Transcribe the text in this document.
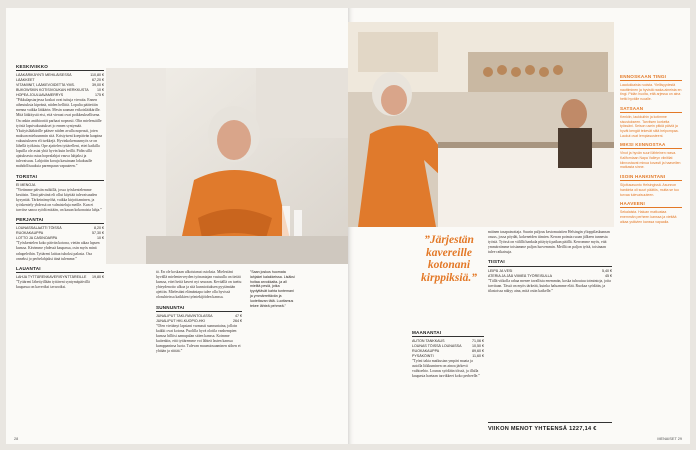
KESKIVIIKKO
LÄÄKÄRIKÄYNTI MEHILÄISESSÄ	110,80 €
LÄÄKKEET	67,20 €
VITAMIINIT, LÄÄKEVOIDETTA YMS.	39,00 €
BUKOWSKIN KOTISIVOUKAN HERKKUSTA 10 €
HOPEA JOULUAVAMERRYS	175 €

”Pikkulapsiarjessa koskat ovat tuttuja vieraita. Ennen aiheutuksia kipeänä, niiden hellittä. Lopulta päätettiin menna vaikka lääkärin. Mesin saaman erikoislääkärille. Mitä lääkitystä etsi, että vieraat ovat poikkeuksellisena. On onkin antibioottit parhaat nopeasti. Olin mielensäille työstä lapsivakuutukset jo ennen syntymää. Yksityislääkärille pääsee niiden avulla nopeasti, joten maksan mieluummin sitä. Kristyiseni koepäivän kaapina vakuutukseen eli tsekkejä. Hyvinkokemusmyös se on lähellä työkinta. Ope ajattelen tyttärelleni, ettei kaikilla lapsilla ole asiat yhtä hyvin kuin heillä. Pidin sillä ajatuksesta ostaa hopealahjat vauva lahjaksi ja tulevaisuus. Lahjoitin koruja kassinaan lokakuulle mahdollisuuksia parempaan vapauteen.”

TORSTAI
EI MENOJA

”Vietimme päivän mökillä, jossa työskentelemme kesäisin. Tänä päivänä eli ollut käyttää tulevaisuuden kysyntää. Tärkeinämyöhä, vaikka kirjoittaminen, ja työskentely yhdessä on valmisteluja meille. Kun ei tarvitse sanoa syödä mitään, on kauan kokonaista lahja.”

PERJANTAI
LOUNASSALAATTI TÖISSÄ	8,20 €
RUOKAKAUPPA	57,30 €
LOTTO JA CASINOARPA	10 €

”Työskentelen koko päivän kotona, vietän aikaa lapsen kanssa. Kävimme yhdessä kaupassa, osin myös minä rahapeleihin. Tyttäreni laittaa tuhoksi palasia. Osa onneksi jo perhelahjaksi tänä tulemme.”

LAUANTAI
LAHJA TYTTÄRENKAVERISYNTTÄREILLE 19,80 €

”Tyttäreni lähettyillään tyttäreni syntymäpäivillä kaupassa on kaveriksi tavaroiksi.

”Saan joskus huomata lahjakei kalakkeissa. Lisäksi hoitaa arvokkaita- ja all mielitä pesiä, jotka tyydyttävät kahta tuntemani ja ymmärrettävän ja luotettavan tätä. Luottamus tekee lähteä pehmeä.”

tä. En ole koskaan ulkoistanut ostoksia. Mielestäni hyvällä mielenterveyden työnantajan vastuulla on tietää kanssa, ettei heitä kaveri nyt seuraan. Keväällä on tuettu yhteydenotto ulkoa ja sitä kunnioituksen pyytämään ajettiin. Mielestäni elämäntapa tulee olla hyvissä olosuhteissa kaikkien työntekijöiden kanssa.

SUNNUNTAI
JUNALIPUT TAKI-RAVINTOLASSA	47 €
JUNALIPUT HKI-KUOPIO-HKI	264 €

”Olen viettänyt lapsiani varmasti sunnuntaina, jolloin kaikki ovat kotona. Puolilla hyvä olotila vanhempien kanssa hillitsi aamupalan sitten kanssa. Koimme kuitenkin, että tyttäremme voi lähteä lasten kanssa kumppaninsa luota. Tulevan muumiosaaminen siihen ei yhtään ja riittää.”

28
”Järjestän kavereille kotonani kirppiksiä.”

mäinen tasapainottaja. Suurin paljous kestomuistien Helsingin ylioppilaskunnan osuus, jossa pöydät, kokeneiden tiimien. Kerran poimia ruoan jälkeen tunnesta työstä. Työssä on välillä hankala pitäytyä paikan päällä. Kerromme myös, että ymmärrämme toisiamme paljon luovemmin. Meillä on paljon työtä, toisinaan tulee ratkaisuja.

TIISTAI
LEIPÄ JA VESI	5,40 €
ATERIA JA JÄÄ VIIMEÄ TYÖREISULLA	45 €

”Tällä viikolla rahaa menee tavallista enemmän, koska tuhoutuu toimintoja, joita tarvitaan. Tässä on myös tärkeää, kuinka haluamme elää. Ruokaa syödään, ja tilastoissa näkyy aina, mitä ostin kaikelle.”

MAANANTAI
AUTON TANKKAUS	71,06 €
LOUNAS TÖISSÄ LOUNASSA	10,50 €
RUOKAKAUPPA	89,60 €
PYSÄKÖINTI	11,60 €

”Työni takia matkustan ympäri maata ja autolla liikkuminen on ainoa järkevä vaihtoehto. Lounas syödään töissä, ja illalla kaupasta haetaan tarvikkeet koko perheelle.”

VIIKON MENOT YHTEENSÄ 1227,14 €
ENNOSKAAN TINGI

Laadukkaista ruoista. Ylellisyydestä nauttiminen ja hyvistä raaka-aineista en tingi. Pidän huolta, että arjessa on aina hetki hyvälle ruoalle.

SATSAAN

Kenkiin, laukkuihin ja kotimme sisustukseen. Tarvitsen korkeita työssäni. Seison usein pitkiä päiviä ja hyvät kengät tekevät siitä helpompaa. Laukut ovat lempiasusteeni.

MIKSI KIINNOSTAA

Vinot ja hyvän suuri lähteinen rasva. Kaliforniaan Napa Valleyn viinitilat kiinnostavat minua kovasti ja haaveilen matkasta sinne.

ISOIN HANKINTANI

Sijoitusasunto Helsingissä. Asunnon hankinta oli suuri päätös, mutta se tuo turvaa tulevaisuuteen.

HAAVEENI

Sekalaista. Haluan matkustaa enemmän perheen kanssa ja viettää aikaa ystävien kanssa vapaalla.

MENAISET 29
